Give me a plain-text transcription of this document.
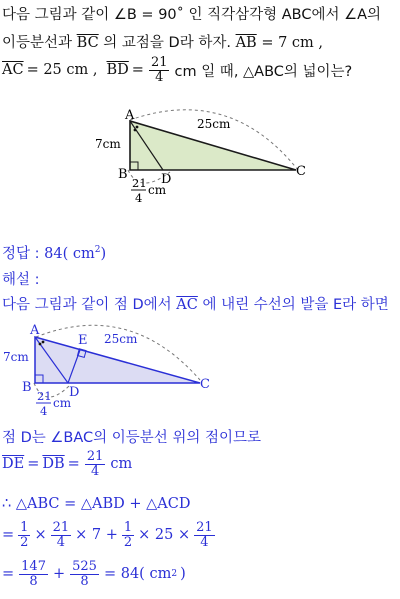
다음 그림과 같이 ∠B = 90˚ 인 직각삼각형 ABC에서 ∠A의
이등분선과 $\overline{BC}$ 의 교점을 D라 하자. $\overline{AB} = 7$ cm ,
$\overline{AC} = 25$ cm , $\overline{BD} = \frac{21}{4}$ cm 일 때, △ABC의 넓이는?
A
B	C
D
7cm
25cm
21
4
cm
정답 : 84( $cm^2$)
해설 :
다음 그림과 같이 점 D에서 $\overline{AC}$ 에 내린 수선의 발을 E라 하면
A
B	C
D
E
7cm
25cm
21
4
cm
점 D는 ∠BAC의 이등분선 위의 점이므로
$\overline{DE} = \overline{DB} = \frac{21}{4}$ cm
∴ △ABC = △ABD + △ACD
= $\frac{1}{2} \times \frac{21}{4} \times 7 + \frac{1}{2} \times 25 \times \frac{21}{4}$
= $\frac{147}{8} + \frac{525}{8} = 84$( cm 2 )
